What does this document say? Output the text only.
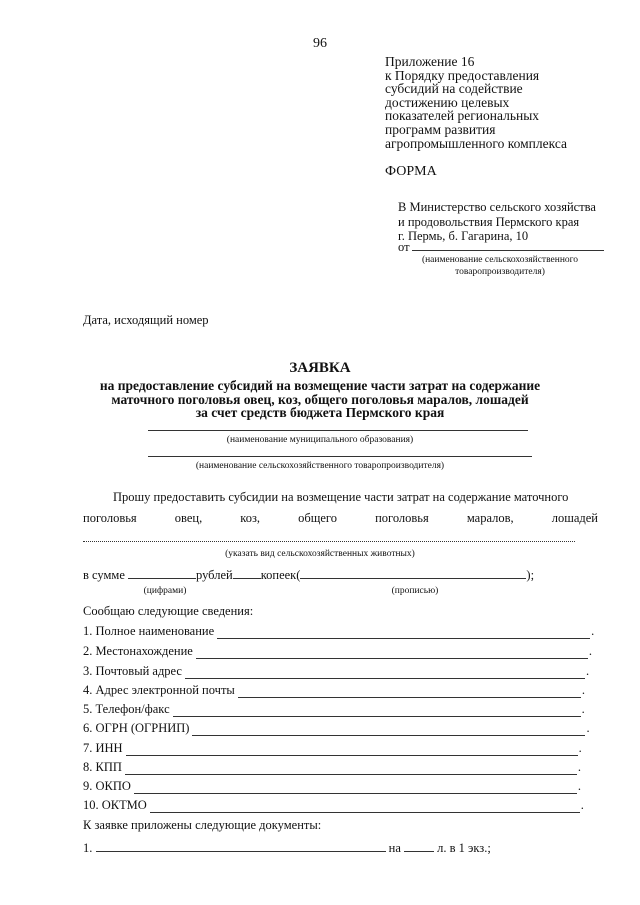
96
Приложение 16
к Порядку предоставления
субсидий на содействие
достижению целевых
показателей региональных
программ развития
агропромышленного комплекса
ФОРМА
В Министерство сельского хозяйства
и продовольствия Пермского края
г. Пермь, б. Гагарина, 10
от
(наименование сельскохозяйственного
товаропроизводителя)
Дата, исходящий номер
ЗАЯВКА
на предоставление субсидий на возмещение части затрат на содержание
маточного поголовья овец, коз, общего поголовья маралов, лошадей
за счет средств бюджета Пермского края
(наименование муниципального образования)
(наименование сельскохозяйственного товаропроизводителя)
Прошу предоставить субсидии на возмещение части затрат на содержание маточного
поголовья	овец,	коз,	общего	поголовья	маралов,	лошадей
(указать вид сельскохозяйственных животных)
в сумме	рублей копеек(	);
(цифрами)	(прописью)
Сообщаю следующие сведения:
1. Полное наименование	.
2. Местонахождение	.
3. Почтовый адрес	.
4. Адрес электронной почты	.
5. Телефон/факс	.
6. ОГРН (ОГРНИП)	.
7. ИНН	.
8. КПП	.
9. ОКПО	.
10. ОКТМО	.
К заявке приложены следующие документы:
1.	на	л. в 1 экз.;
